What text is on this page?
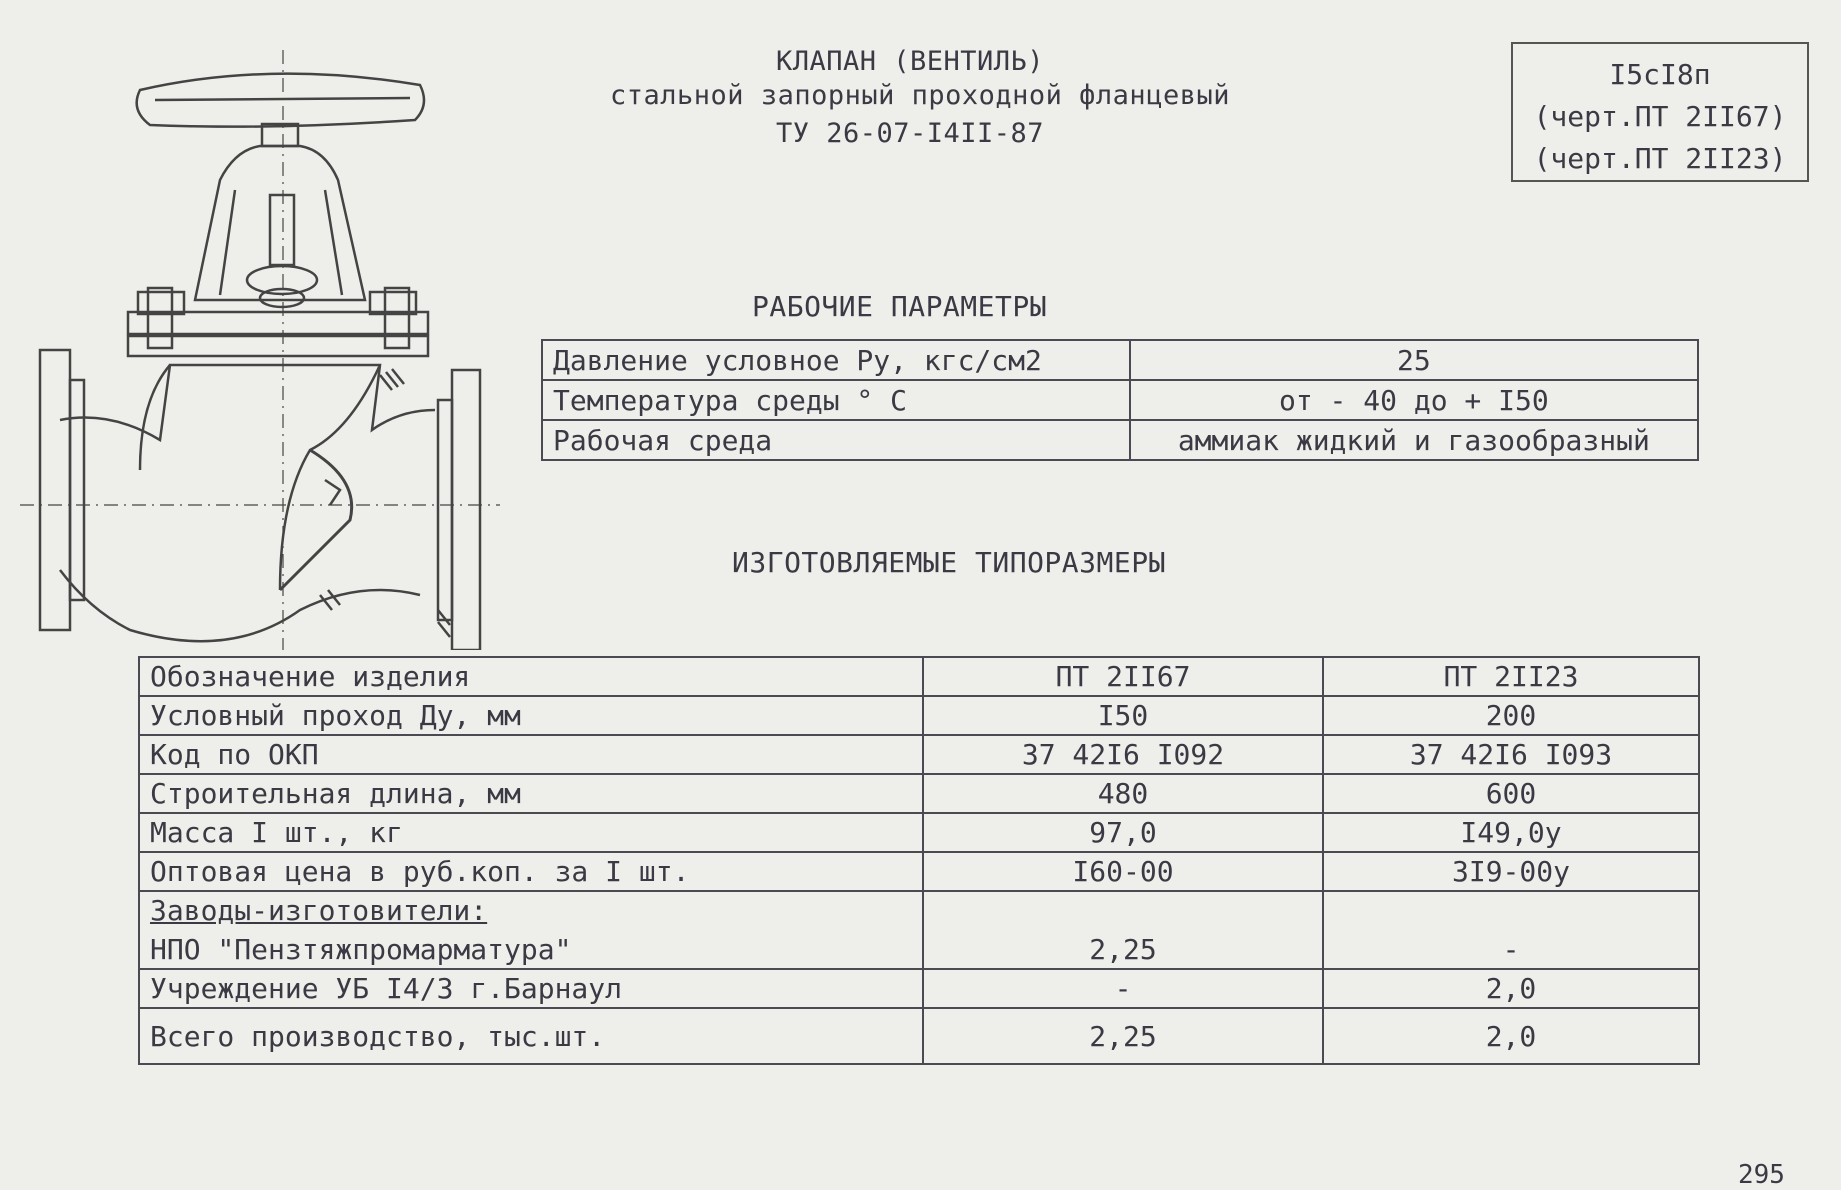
КЛАПАН (ВЕНТИЛЬ)
стальной запорный проходной фланцевый
ТУ 26-07-I4II-87
I5cI8п
(черт.ПТ 2II67)
(черт.ПТ 2II23)
РАБОЧИЕ ПАРАМЕТРЫ
Давление условное Ру, кгс/см2	25
Температура среды ° С	от - 40 до + I50
Рабочая среда	аммиак жидкий и газообразный
ИЗГОТОВЛЯЕМЫЕ ТИПОРАЗМЕРЫ
Обозначение изделия	ПТ 2II67	ПТ 2II23
Условный проход Ду, мм	I50	200
Код по ОКП	37 42I6 I092	37 42I6 I093
Строительная длина, мм	480	600
Масса I шт., кг	97,0	I49,0у
Оптовая цена в руб.коп. за I шт.	I60-00	3I9-00у
Заводы-изготовители:		
НПО "Пензтяжпромарматура"	2,25	-
Учреждение УБ I4/3 г.Барнаул	-	2,0
Всего производство, тыс.шт.	2,25	2,0
295
